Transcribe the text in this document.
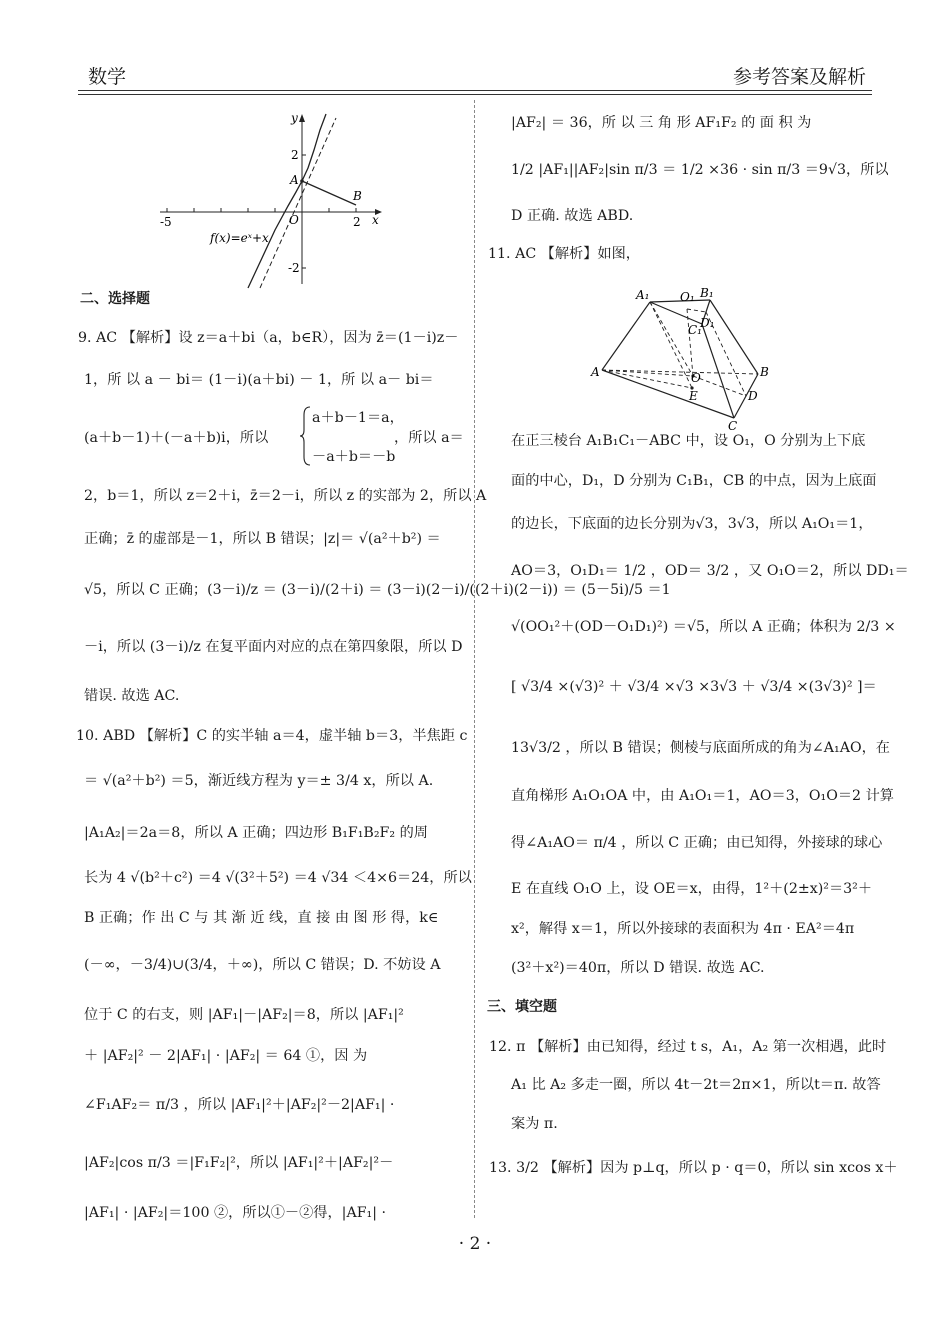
数学	参考答案及解析
y
x
2
-2
-5	2
A
B
O
f(x)=eˣ+x
二、选择题
9. AC 【解析】设 z＝a＋bi（a，b∈R），因为 z̄＝(1－i)z－
1，所 以 a － bi＝ (1－i)(a＋bi) － 1，所 以 a－ bi＝
(a＋b－1)＋(－a＋b)i，所以
a＋b－1＝a，
－a＋b＝－b
，所以 a＝
2，b＝1，所以 z＝2＋i，z̄＝2－i，所以 z 的实部为 2，所以 A
正确；z̄ 的虚部是－1，所以 B 错误；|z|＝ √(a²＋b²) ＝
√5，所以 C 正确；(3－i)/z ＝ (3－i)/(2＋i) ＝ (3－i)(2－i)/((2＋i)(2－i)) ＝ (5－5i)/5 ＝1
－i，所以 (3－i)/z 在复平面内对应的点在第四象限，所以 D
错误. 故选 AC.
10. ABD 【解析】C 的实半轴 a＝4，虚半轴 b＝3，半焦距 c
＝ √(a²＋b²) ＝5，渐近线方程为 y＝± 3/4 x，所以 A.
|A₁A₂|＝2a＝8，所以 A 正确；四边形 B₁F₁B₂F₂ 的周
长为 4 √(b²＋c²) ＝4 √(3²＋5²) ＝4 √34 ＜4×6＝24，所以
B 正确；作 出 C 与 其 渐 近 线，直 接 由 图 形 得，k∈
(－∞，－3/4)∪(3/4，＋∞)，所以 C 错误；D. 不妨设 A
位于 C 的右支，则 |AF₁|－|AF₂|＝8，所以 |AF₁|²
＋ |AF₂|² － 2|AF₁| · |AF₂| ＝ 64 ①，因 为
∠F₁AF₂＝ π/3 ，所以 |AF₁|²＋|AF₂|²－2|AF₁| ·
|AF₂|cos π/3 ＝|F₁F₂|²，所以 |AF₁|²＋|AF₂|²－
|AF₁| · |AF₂|＝100 ②，所以①－②得，|AF₁| ·
|AF₂| ＝ 36，所 以 三 角 形 AF₁F₂ 的 面 积 为
1/2 |AF₁||AF₂|sin π/3 ＝ 1/2 ×36 · sin π/3 ＝9√3，所以
D 正确. 故选 ABD.
11. AC 【解析】如图，
在正三棱台 A₁B₁C₁－ABC 中，设 O₁，O 分别为上下底
面的中心，D₁，D 分别为 C₁B₁，CB 的中点，因为上底面
的边长，下底面的边长分别为√3，3√3，所以 A₁O₁＝1，
AO＝3，O₁D₁＝ 1/2 ，OD＝ 3/2 ，又 O₁O＝2，所以 DD₁＝
√(OO₁²＋(OD－O₁D₁)²) ＝√5，所以 A 正确；体积为 2/3 ×
[ √3/4 ×(√3)² ＋ √3/4 ×√3 ×3√3 ＋ √3/4 ×(3√3)² ]＝
13√3/2 ，所以 B 错误；侧棱与底面所成的角为∠A₁AO，在
直角梯形 A₁O₁OA 中，由 A₁O₁＝1，AO＝3，O₁O＝2 计算
得∠A₁AO＝ π/4 ，所以 C 正确；由已知得，外接球的球心
E 在直线 O₁O 上，设 OE＝x，由得，1²＋(2±x)²＝3²＋
x²，解得 x＝1，所以外接球的表面积为 4π · EA²＝4π
(3²＋x²)＝40π，所以 D 错误. 故选 AC.
三、填空题
12. π 【解析】由已知得，经过 t s，A₁，A₂ 第一次相遇，此时
A₁ 比 A₂ 多走一圈，所以 4t－2t＝2π×1，所以t＝π. 故答
案为 π.
13. 3/2 【解析】因为 p⊥q，所以 p · q＝0，所以 sin xcos x＋
A₁	O₁ B₁
D₁
C₁
A	O	B
E	D
C
· 2 ·
